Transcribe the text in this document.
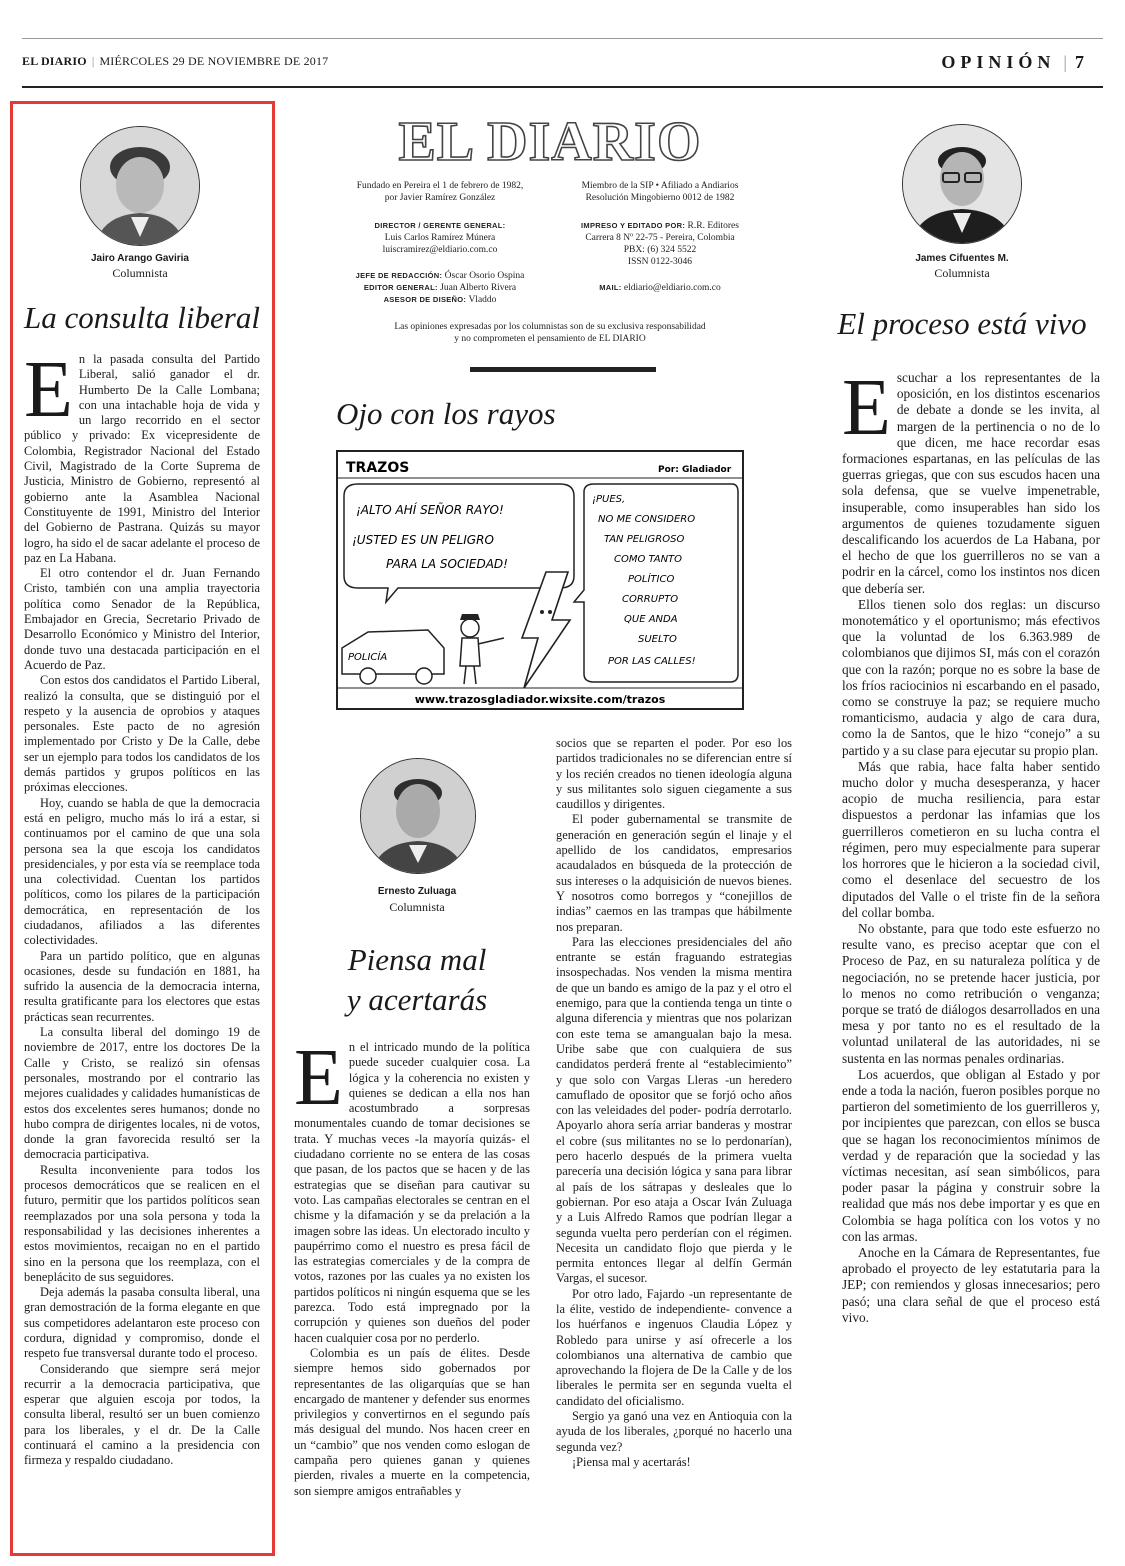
EL DIARIO | MIÉRCOLES 29 DE NOVIEMBRE DE 2017	OPINIÓN | 7
Jairo Arango Gaviria
Columnista
La consulta liberal

En la pasada consulta del Partido Liberal, salió ganador el dr. Humberto De la Calle Lombana; con una intachable hoja de vida y un largo recorrido en el sector público y privado: Ex vicepresidente de Colombia, Registrador Nacional del Estado Civil, Magistrado de la Corte Suprema de Justicia, Ministro de Gobierno, representó al gobierno ante la Asamblea Nacional Constituyente de 1991, Ministro del Interior del Gobierno de Pastrana. Quizás su mayor logro, ha sido el de sacar adelante el proceso de paz en La Habana.

El otro contendor el dr. Juan Fernando Cristo, también con una amplia trayectoria política como Senador de la República, Embajador en Grecia, Secretario Privado de Desarrollo Económico y Ministro del Interior, donde tuvo una destacada participación en el Acuerdo de Paz.

Con estos dos candidatos el Partido Liberal, realizó la consulta, que se distinguió por el respeto y la ausencia de oprobios y ataques personales. Este pacto de no agresión implementado por Cristo y De la Calle, debe ser un ejemplo para todos los candidatos de los demás partidos y grupos políticos en las próximas elecciones.

Hoy, cuando se habla de que la democracia está en peligro, mucho más lo irá a estar, si continuamos por el camino de que una sola persona sea la que escoja los candidatos presidenciales, y por esta vía se reemplace toda una colectividad. Cuentan los partidos políticos, como los pilares de la participación democrática, en representación de los ciudadanos, afiliados a las diferentes colectividades.

Para un partido político, que en algunas ocasiones, desde su fundación en 1881, ha sufrido la ausencia de la democracia interna, resulta gratificante para los electores que estas prácticas sean recurrentes.

La consulta liberal del domingo 19 de noviembre de 2017, entre los doctores De la Calle y Cristo, se realizó sin ofensas personales, mostrando por el contrario las mejores cualidades y calidades humanísticas de estos dos excelentes seres humanos; donde no hubo compra de dirigentes locales, ni de votos, donde la gran favorecida resultó ser la democracia participativa.

Resulta inconveniente para todos los procesos democráticos que se realicen en el futuro, permitir que los partidos políticos sean reemplazados por una sola persona y toda la responsabilidad y las decisiones inherentes a estos movimientos, recaigan no en el partido sino en la persona que los reemplaza, con el beneplácito de sus seguidores.

Deja además la pasaba consulta liberal, una gran demostración de la forma elegante en que sus competidores adelantaron este proceso con cordura, dignidad y compromiso, donde el respeto fue transversal durante todo el proceso.

Considerando que siempre será mejor recurrir a la democracia participativa, que esperar que alguien escoja por todos, la consulta liberal, resultó ser un buen comienzo para los liberales, y el dr. De la Calle continuará el camino a la presidencia con firmeza y respaldo ciudadano.

EL DIARIO
Fundado en Pereira el 1 de febrero de 1982,
por Javier Ramírez González
Miembro de la SIP • Afiliado a Andiarios
Resolución Mingobierno 0012 de 1982
DIRECTOR / GERENTE GENERAL:
Luis Carlos Ramírez Múnera
luiscramirez@eldiario.com.co
IMPRESO Y EDITADO POR: R.R. Editores
Carrera 8 Nº 22-75 - Pereira, Colombia
PBX: (6) 324 5522
ISSN 0122-3046
JEFE DE REDACCIÓN: Óscar Osorio Ospina
EDITOR GENERAL: Juan Alberto Rivera
ASESOR DE DISEÑO: Vladdo
MAIL: eldiario@eldiario.com.co
Las opiniones expresadas por los columnistas son de su exclusiva responsabilidad
y no comprometen el pensamiento de EL DIARIO
Ojo con los rayos
TRAZOS	Por: Gladiador
¡ALTO AHÍ SEÑOR RAYO!
¡USTED ES UN PELIGRO
PARA LA SOCIEDAD!
¡PUES,
NO ME CONSIDERO
TAN PELIGROSO
COMO TANTO
POLÍTICO
CORRUPTO
QUE ANDA
SUELTO
POR LAS CALLES!
POLICÍA
www.trazosgladiador.wixsite.com/trazos
Ernesto Zuluaga
Columnista
Piensa mal
y acertarás

En el intricado mundo de la política puede suceder cualquier cosa. La lógica y la coherencia no existen y quienes se dedican a ella nos han acostumbrado a sorpresas monumentales cuando de tomar decisiones se trata. Y muchas veces -la mayoría quizás- el ciudadano corriente no se entera de las cosas que pasan, de los pactos que se hacen y de las estrategias que se diseñan para cautivar su voto. Las campañas electorales se centran en el chisme y la difamación y se da prelación a la imagen sobre las ideas. Un electorado inculto y paupérrimo como el nuestro es presa fácil de las estrategias comerciales y de la compra de votos, razones por las cuales ya no existen los partidos políticos ni ningún esquema que se les parezca. Todo está impregnado por la corrupción y quienes son dueños del poder hacen cualquier cosa por no perderlo.

Colombia es un país de élites. Desde siempre hemos sido gobernados por representantes de las oligarquías que se han encargado de mantener y defender sus enormes privilegios y convertirnos en el segundo país más desigual del mundo. Nos hacen creer en un “cambio” que nos venden como eslogan de campaña pero quienes ganan y quienes pierden, rivales a muerte en la competencia, son siempre amigos entrañables y

socios que se reparten el poder. Por eso los partidos tradicionales no se diferencian entre sí y los recién creados no tienen ideología alguna y sus militantes solo siguen ciegamente a sus caudillos y dirigentes.

El poder gubernamental se transmite de generación en generación según el linaje y el apellido de los candidatos, empresarios acaudalados en búsqueda de la protección de sus intereses o la adquisición de nuevos bienes. Y nosotros como borregos y “conejillos de indias” caemos en las trampas que hábilmente nos preparan.

Para las elecciones presidenciales del año entrante se están fraguando estrategias insospechadas. Nos venden la misma mentira de que un bando es amigo de la paz y el otro el enemigo, para que la contienda tenga un tinte o alguna diferencia y mientras que nos polarizan con este tema se amangualan bajo la mesa. Uribe sabe que con cualquiera de sus candidatos perderá frente al “establecimiento” y que solo con Vargas Lleras -un heredero camuflado de opositor que se forjó ocho años con las veleidades del poder- podría derrotarlo. Apoyarlo ahora sería arriar banderas y mostrar el cobre (sus militantes no se lo perdonarían), pero hacerlo después de la primera vuelta parecería una decisión lógica y sana para librar al país de los sátrapas y desleales que lo gobiernan. Por eso ataja a Oscar Iván Zuluaga y a Luis Alfredo Ramos que podrían llegar a segunda vuelta pero perderían con el régimen. Necesita un candidato flojo que pierda y le permita entonces llegar al delfín Germán Vargas, el sucesor.

Por otro lado, Fajardo -un representante de la élite, vestido de independiente- convence a los huérfanos e ingenuos Claudia López y Robledo para unirse y así ofrecerle a los colombianos una alternativa de cambio que aprovechando la flojera de De la Calle y de los liberales le permita ser en segunda vuelta el candidato del oficialismo.

Sergio ya ganó una vez en Antioquia con la ayuda de los liberales, ¿porqué no hacerlo una segunda vez?

¡Piensa mal y acertarás!

James Cifuentes M.
Columnista
El proceso está vivo

Escuchar a los representantes de la oposición, en los distintos escenarios de debate a donde se les invita, al margen de la pertinencia o no de lo que dicen, me hace recordar esas formaciones espartanas, en las películas de las guerras griegas, que con sus escudos hacen una sola defensa, que se vuelve impenetrable, insuperable, como insuperables han sido los argumentos de quienes tozudamente siguen descalificando los acuerdos de La Habana, por el hecho de que los guerrilleros no se van a podrir en la cárcel, como los instintos nos dicen que debería ser.

Ellos tienen solo dos reglas: un discurso monotemático y el oportunismo; más efectivos que la voluntad de los 6.363.989 de colombianos que dijimos SI, más con el corazón que con la razón; porque no es sobre la base de los fríos raciocinios ni escarbando en el pasado, como se construye la paz; se requiere mucho romanticismo, audacia y algo de cara dura, como la de Santos, que le hizo “conejo” a su partido y a su clase para ejecutar su propio plan.

Más que rabia, hace falta haber sentido mucho dolor y mucha desesperanza, y hacer acopio de mucha resiliencia, para estar dispuestos a perdonar las infamias que los guerrilleros cometieron en su lucha contra el régimen, pero muy especialmente para superar los horrores que le hicieron a la sociedad civil, como el desenlace del secuestro de los diputados del Valle o el triste fin de la señora del collar bomba.

No obstante, para que todo este esfuerzo no resulte vano, es preciso aceptar que con el Proceso de Paz, en su naturaleza política y de negociación, no se pretende hacer justicia, por lo menos no como retribución o venganza; porque se trató de diálogos desarrollados en una mesa y por tanto no es el resultado de la voluntad unilateral de las autoridades, ni se sustenta en las normas penales ordinarias.

Los acuerdos, que obligan al Estado y por ende a toda la nación, fueron posibles porque no partieron del sometimiento de los guerrilleros y, por incipientes que parezcan, con ellos se busca que se hagan los reconocimientos mínimos de verdad y de reparación que la sociedad y las víctimas necesitan, así sean simbólicos, para poder pasar la página y construir sobre la realidad que más nos debe importar y es que en Colombia se haga política con los votos y no con las armas.

Anoche en la Cámara de Representantes, fue aprobado el proyecto de ley estatutaria para la JEP; con remiendos y glosas innecesarios; pero pasó; una clara señal de que el proceso está vivo.
